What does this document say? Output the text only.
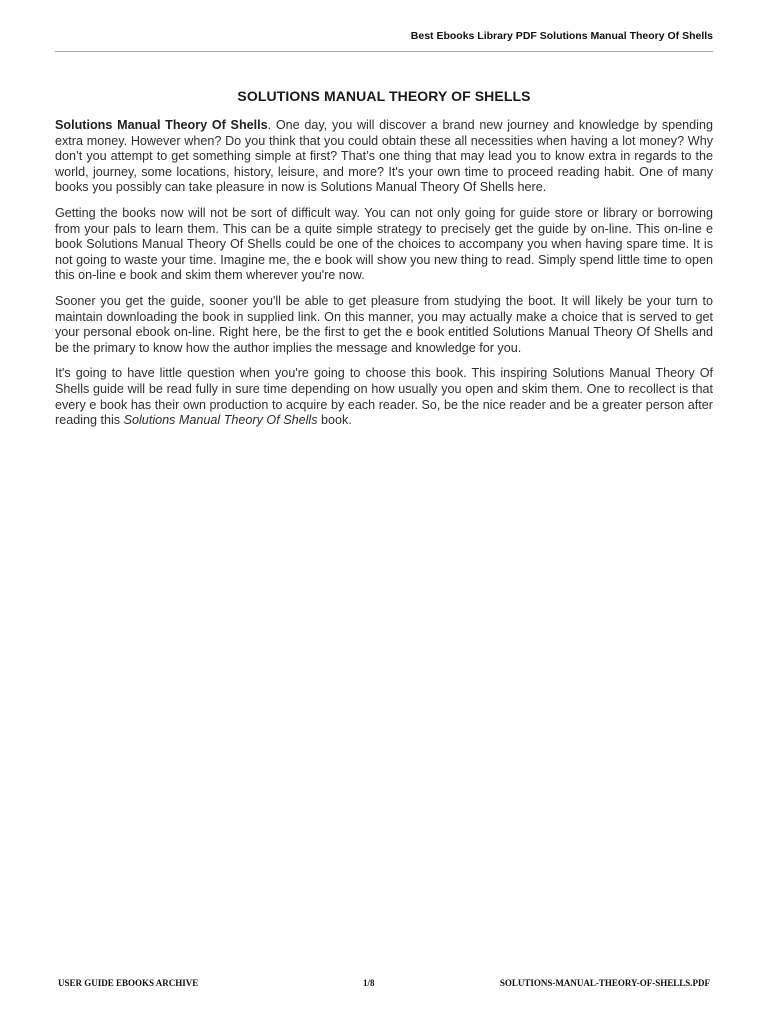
Best Ebooks Library PDF Solutions Manual Theory Of Shells
SOLUTIONS MANUAL THEORY OF SHELLS

Solutions Manual Theory Of Shells. One day, you will discover a brand new journey and knowledge by spending extra money. However when? Do you think that you could obtain these all necessities when having a lot money? Why don’t you attempt to get something simple at first? That’s one thing that may lead you to know extra in regards to the world, journey, some locations, history, leisure, and more? It's your own time to proceed reading habit. One of many books you possibly can take pleasure in now is Solutions Manual Theory Of Shells here.

Getting the books now will not be sort of difficult way. You can not only going for guide store or library or borrowing from your pals to learn them. This can be a quite simple strategy to precisely get the guide by on-line. This on-line e book Solutions Manual Theory Of Shells could be one of the choices to accompany you when having spare time. It is not going to waste your time. Imagine me, the e book will show you new thing to read. Simply spend little time to open this on-line e book and skim them wherever you're now.

Sooner you get the guide, sooner you'll be able to get pleasure from studying the boot. It will likely be your turn to maintain downloading the book in supplied link. On this manner, you may actually make a choice that is served to get your personal ebook on-line. Right here, be the first to get the e book entitled Solutions Manual Theory Of Shells and be the primary to know how the author implies the message and knowledge for you.

It's going to have little question when you're going to choose this book. This inspiring Solutions Manual Theory Of Shells guide will be read fully in sure time depending on how usually you open and skim them. One to recollect is that every e book has their own production to acquire by each reader. So, be the nice reader and be a greater person after reading this Solutions Manual Theory Of Shells book.

USER GUIDE EBOOKS ARCHIVE	1/8	SOLUTIONS-MANUAL-THEORY-OF-SHELLS.PDF
